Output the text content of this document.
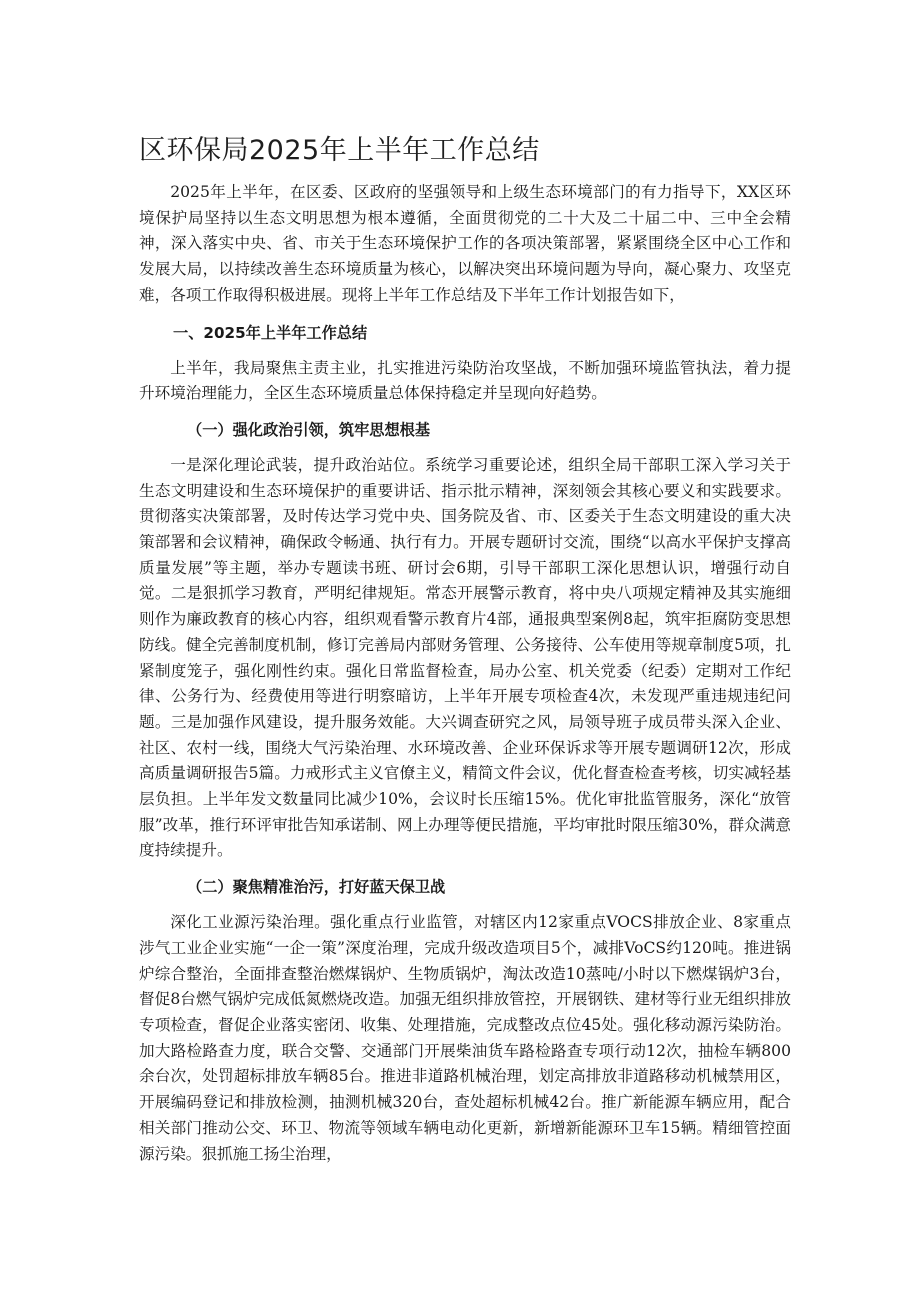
区环保局2025年上半年工作总结

2025年上半年，在区委、区政府的坚强领导和上级生态环境部门的有力指导下，XX区环境保护局坚持以生态文明思想为根本遵循，全面贯彻党的二十大及二十届二中、三中全会精神，深入落实中央、省、市关于生态环境保护工作的各项决策部署，紧紧围绕全区中心工作和发展大局，以持续改善生态环境质量为核心，以解决突出环境问题为导向，凝心聚力、攻坚克难，各项工作取得积极进展。现将上半年工作总结及下半年工作计划报告如下，

一、2025年上半年工作总结

上半年，我局聚焦主责主业，扎实推进污染防治攻坚战，不断加强环境监管执法，着力提升环境治理能力，全区生态环境质量总体保持稳定并呈现向好趋势。

（一）强化政治引领，筑牢思想根基

一是深化理论武装，提升政治站位。系统学习重要论述，组织全局干部职工深入学习关于生态文明建设和生态环境保护的重要讲话、指示批示精神，深刻领会其核心要义和实践要求。贯彻落实决策部署，及时传达学习党中央、国务院及省、市、区委关于生态文明建设的重大决策部署和会议精神，确保政令畅通、执行有力。开展专题研讨交流，围绕“以高水平保护支撑高质量发展”等主题，举办专题读书班、研讨会6期，引导干部职工深化思想认识，增强行动自觉。二是狠抓学习教育，严明纪律规矩。常态开展警示教育，将中央八项规定精神及其实施细则作为廉政教育的核心内容，组织观看警示教育片4部，通报典型案例8起，筑牢拒腐防变思想防线。健全完善制度机制，修订完善局内部财务管理、公务接待、公车使用等规章制度5项，扎紧制度笼子，强化刚性约束。强化日常监督检查，局办公室、机关党委（纪委）定期对工作纪律、公务行为、经费使用等进行明察暗访，上半年开展专项检查4次，未发现严重违规违纪问题。三是加强作风建设，提升服务效能。大兴调查研究之风，局领导班子成员带头深入企业、社区、农村一线，围绕大气污染治理、水环境改善、企业环保诉求等开展专题调研12次，形成高质量调研报告5篇。力戒形式主义官僚主义，精简文件会议，优化督查检查考核，切实减轻基层负担。上半年发文数量同比减少10%，会议时长压缩15%。优化审批监管服务，深化“放管服”改革，推行环评审批告知承诺制、网上办理等便民措施，平均审批时限压缩30%，群众满意度持续提升。

（二）聚焦精准治污，打好蓝天保卫战

深化工业源污染治理。强化重点行业监管，对辖区内12家重点VOCS排放企业、8家重点涉气工业企业实施“一企一策”深度治理，完成升级改造项目5个，减排VoCS约120吨。推进锅炉综合整治，全面排查整治燃煤锅炉、生物质锅炉，淘汰改造10蒸吨/小时以下燃煤锅炉3台，督促8台燃气锅炉完成低氮燃烧改造。加强无组织排放管控，开展钢铁、建材等行业无组织排放专项检查，督促企业落实密闭、收集、处理措施，完成整改点位45处。强化移动源污染防治。加大路检路查力度，联合交警、交通部门开展柴油货车路检路查专项行动12次，抽检车辆800余台次，处罚超标排放车辆85台。推进非道路机械治理，划定高排放非道路移动机械禁用区，开展编码登记和排放检测，抽测机械320台，查处超标机械42台。推广新能源车辆应用，配合相关部门推动公交、环卫、物流等领域车辆电动化更新，新增新能源环卫车15辆。精细管控面源污染。狠抓施工扬尘治理，
